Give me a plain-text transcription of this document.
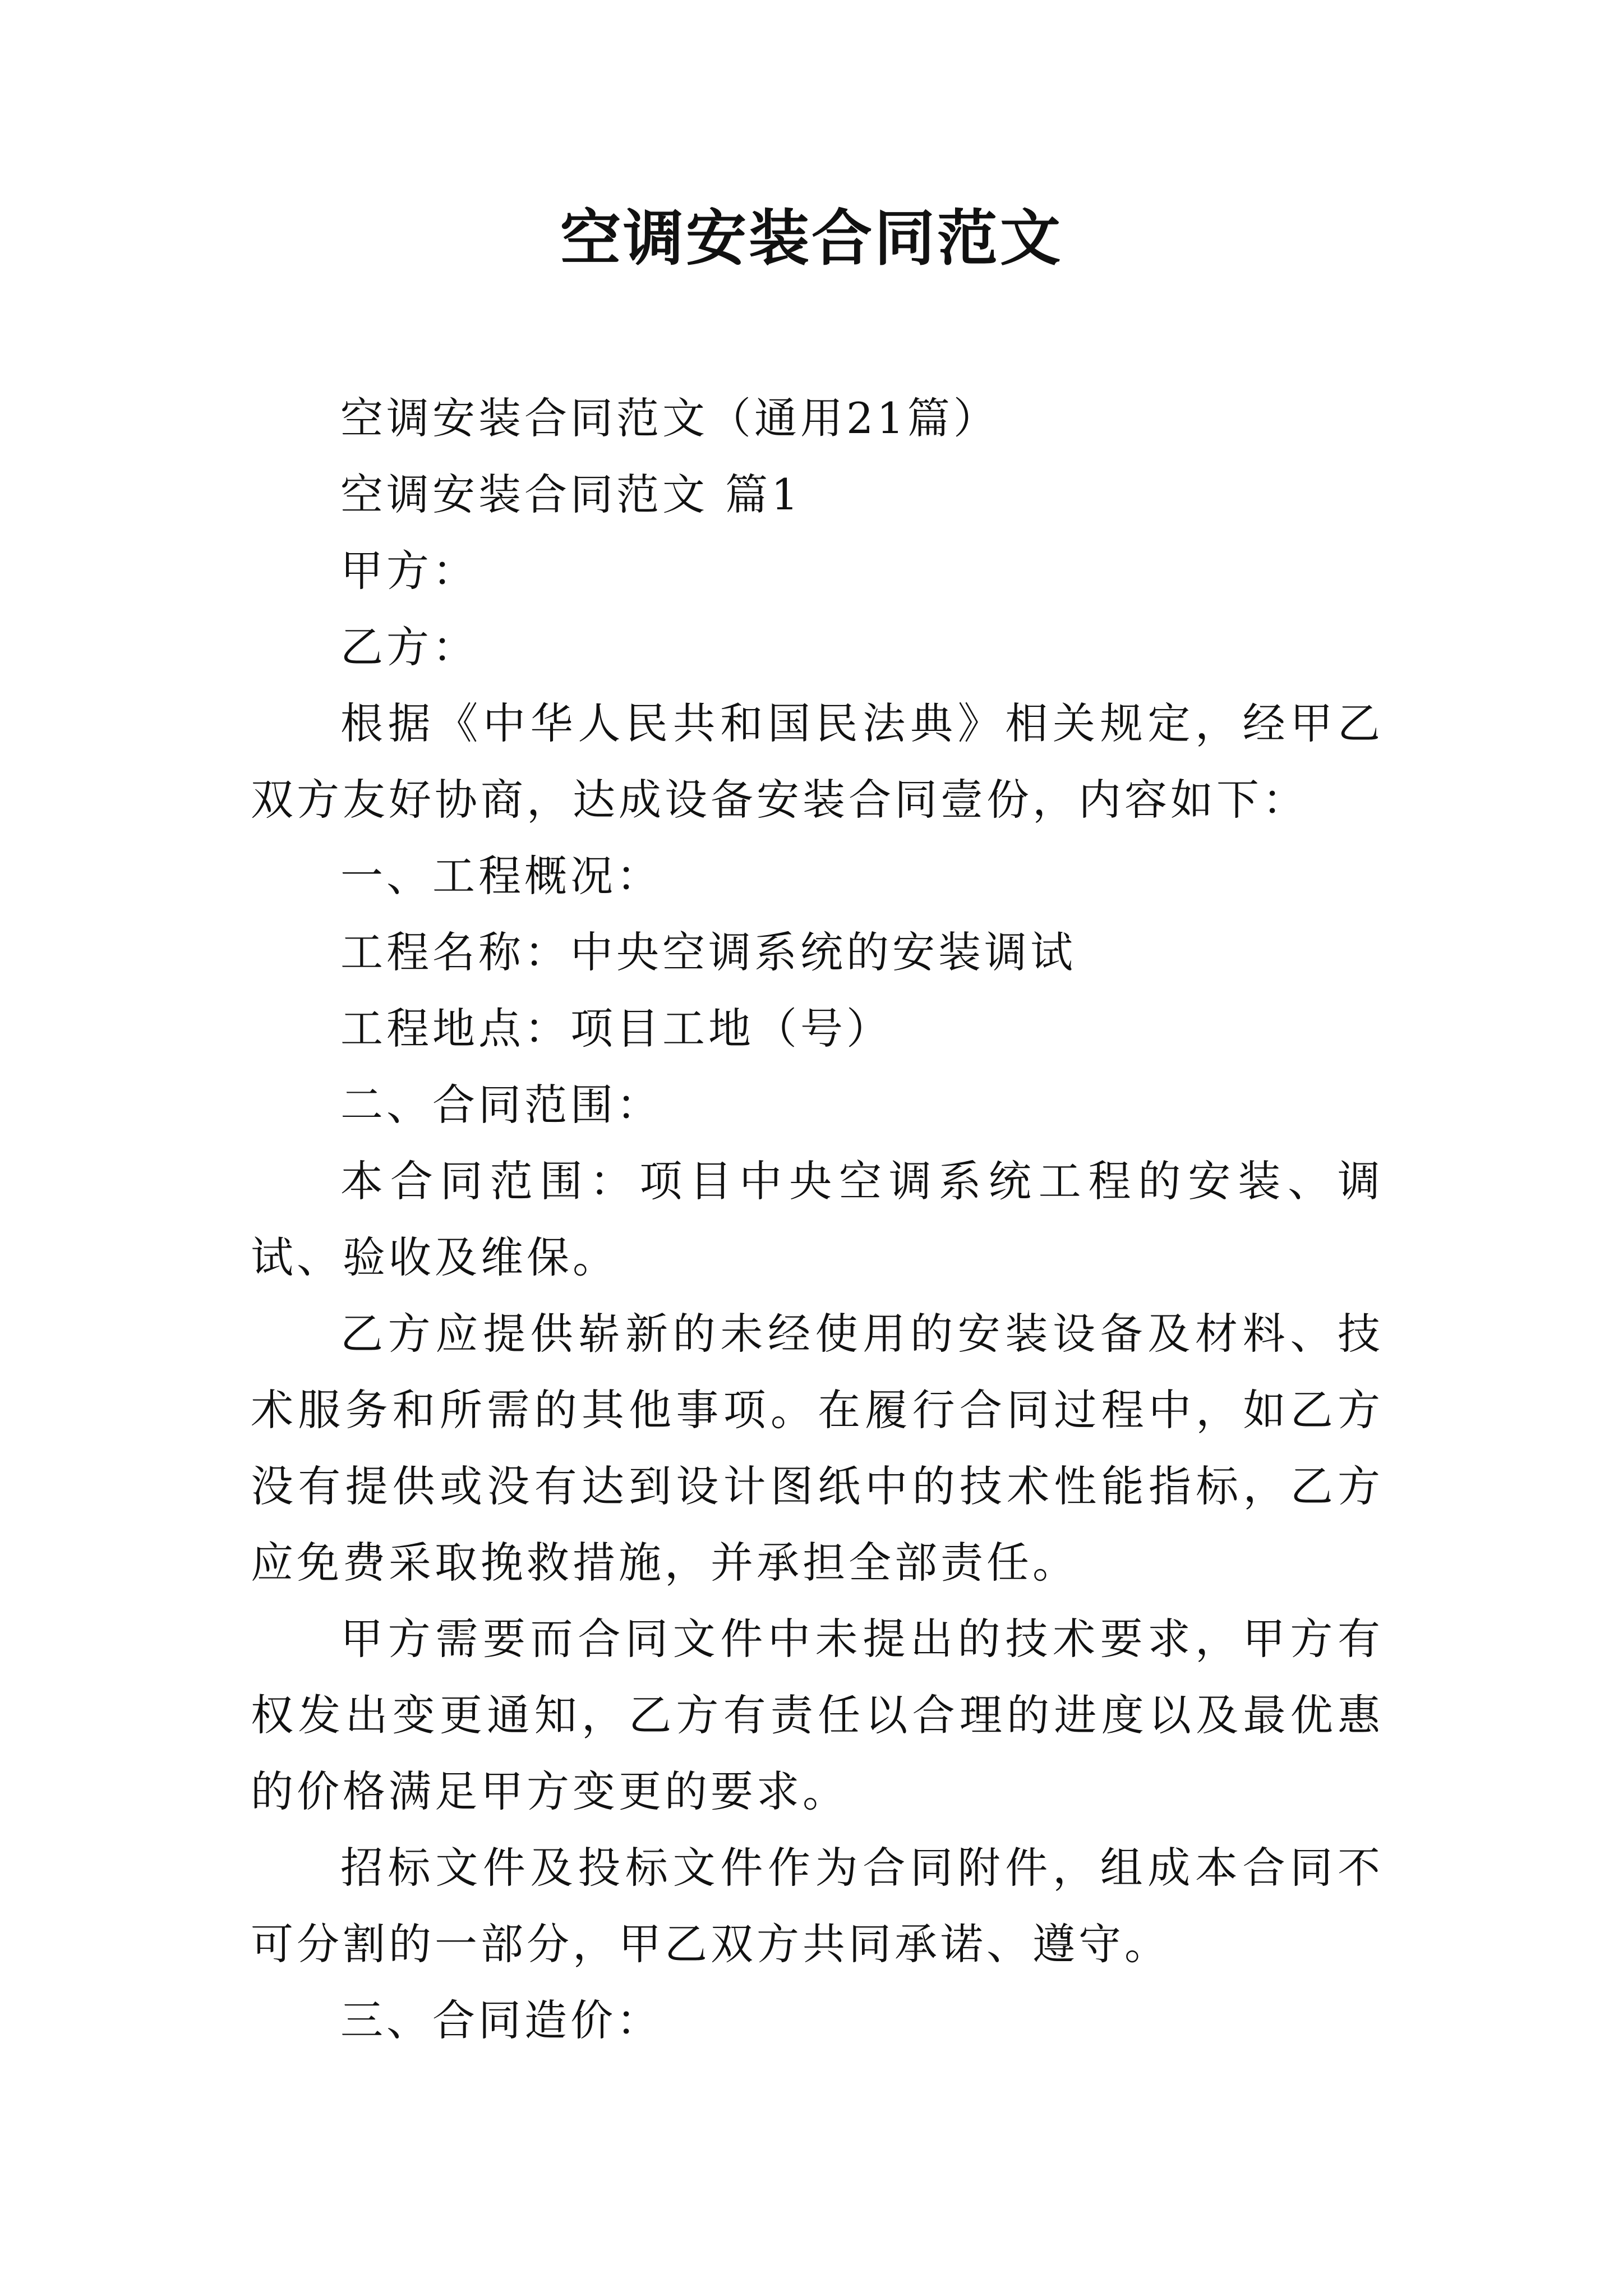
空调安装合同范文

空调安装合同范文（通用21篇）

空调安装合同范文 篇1

甲方：

乙方：

根据《中华人民共和国民法典》相关规定，经甲乙双方友好协商，达成设备安装合同壹份，内容如下：

一、工程概况：

工程名称：中央空调系统的安装调试

工程地点：项目工地（号）

二、合同范围：

本合同范围：项目中央空调系统工程的安装、调试、验收及维保。

乙方应提供崭新的未经使用的安装设备及材料、技术服务和所需的其他事项。在履行合同过程中，如乙方没有提供或没有达到设计图纸中的技术性能指标，乙方应免费采取挽救措施，并承担全部责任。

甲方需要而合同文件中未提出的技术要求，甲方有权发出变更通知，乙方有责任以合理的进度以及最优惠的价格满足甲方变更的要求。

招标文件及投标文件作为合同附件，组成本合同不可分割的一部分，甲乙双方共同承诺、遵守。

三、合同造价：
